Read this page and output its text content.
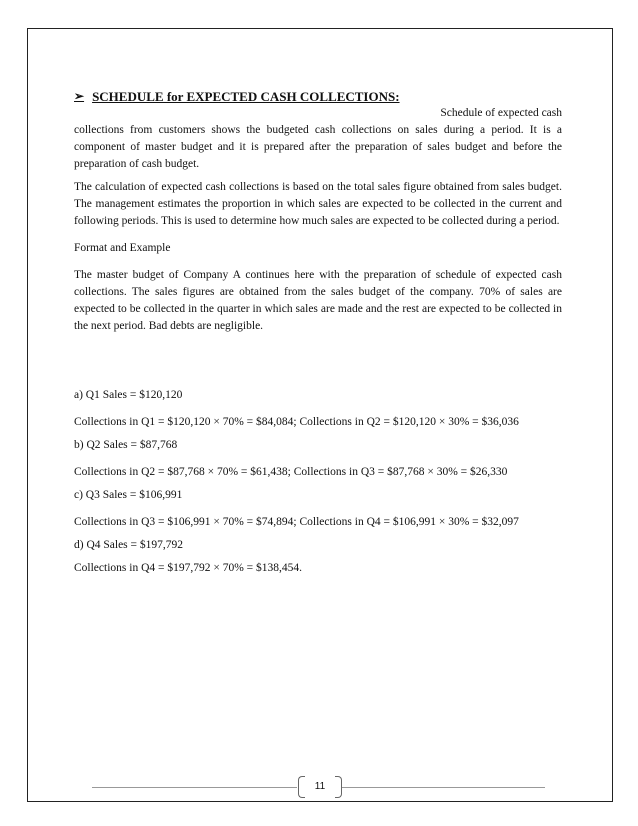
➢ SCHEDULE for EXPECTED CASH COLLECTIONS:

Schedule of expected cash

collections from customers shows the budgeted cash collections on sales during a period. It is a component of master budget and it is prepared after the preparation of sales budget and before the preparation of cash budget.

The calculation of expected cash collections is based on the total sales figure obtained from sales budget. The management estimates the proportion in which sales are expected to be collected in the current and following periods. This is used to determine how much sales are expected to be collected during a period.

Format and Example

The master budget of Company A continues here with the preparation of schedule of expected cash collections. The sales figures are obtained from the sales budget of the company. 70% of sales are expected to be collected in the quarter in which sales are made and the rest are expected to be collected in the next period. Bad debts are negligible.

a) Q1 Sales = $120,120

Collections in Q1 = $120,120 × 70% = $84,084; Collections in Q2 = $120,120 × 30% = $36,036

b) Q2 Sales = $87,768

Collections in Q2 = $87,768 × 70% = $61,438; Collections in Q3 = $87,768 × 30% = $26,330

c) Q3 Sales = $106,991

Collections in Q3 = $106,991 × 70% = $74,894; Collections in Q4 = $106,991 × 30% = $32,097

d) Q4 Sales = $197,792

Collections in Q4 = $197,792 × 70% = $138,454.

11
